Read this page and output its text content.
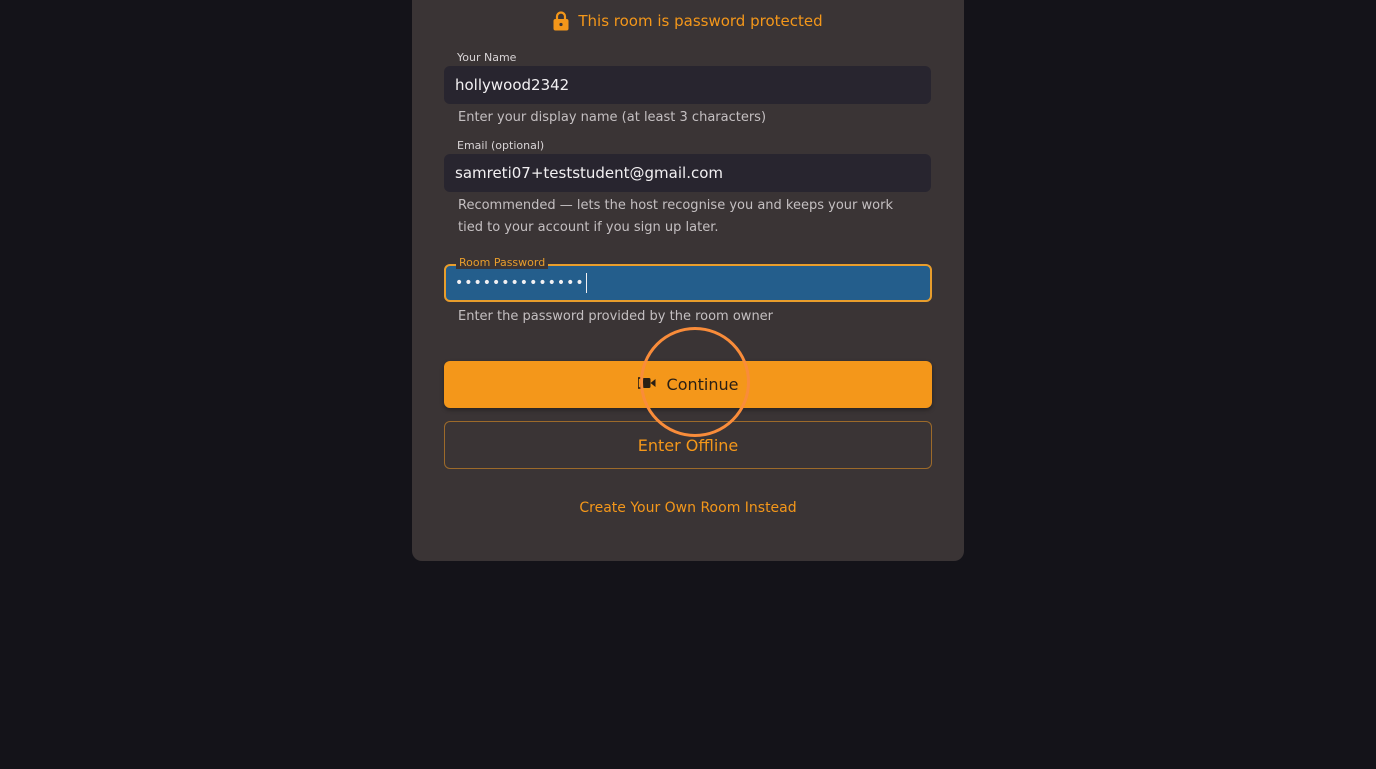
This room is password protected
Your Name
hollywood2342
Enter your display name (at least 3 characters)
Email (optional)
samreti07+teststudent@gmail.com
Recommended — lets the host recognise you and keeps your work tied to your account if you sign up later.
Room Password
••••••••••••••
Enter the password provided by the room owner
Continue
Enter Offline
Create Your Own Room Instead
